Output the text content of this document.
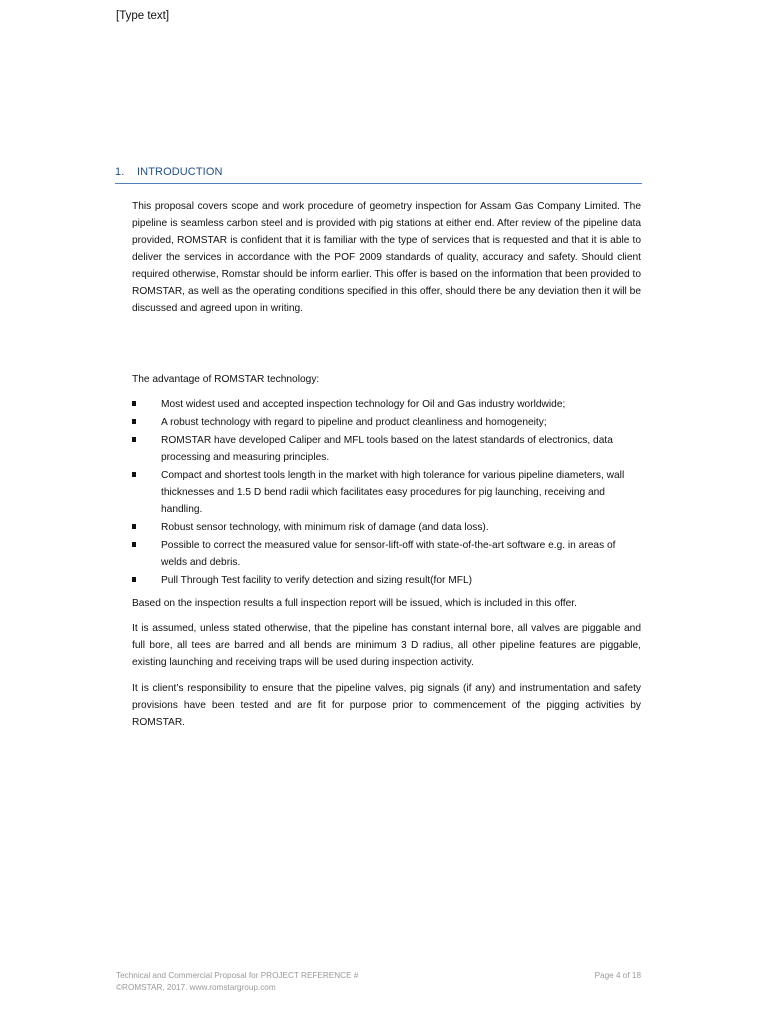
[Type text]
1. INTRODUCTION
This proposal covers scope and work procedure of geometry inspection for Assam Gas Company Limited. The pipeline is seamless carbon steel and is provided with pig stations at either end. After review of the pipeline data provided, ROMSTAR is confident that it is familiar with the type of services that is requested and that it is able to deliver the services in accordance with the POF 2009 standards of quality, accuracy and safety. Should client required otherwise, Romstar should be inform earlier. This offer is based on the information that been provided to ROMSTAR, as well as the operating conditions specified in this offer, should there be any deviation then it will be discussed and agreed upon in writing.
The advantage of ROMSTAR technology:
Most widest used and accepted inspection technology for Oil and Gas industry worldwide;
A robust technology with regard to pipeline and product cleanliness and homogeneity;
ROMSTAR have developed Caliper and MFL tools based on the latest standards of electronics, data processing and measuring principles.
Compact and shortest tools length in the market with high tolerance for various pipeline diameters, wall thicknesses and 1.5 D bend radii which facilitates easy procedures for pig launching, receiving and handling.
Robust sensor technology, with minimum risk of damage (and data loss).
Possible to correct the measured value for sensor-lift-off with state-of-the-art software e.g. in areas of welds and debris.
Pull Through Test facility to verify detection and sizing result(for MFL)
Based on the inspection results a full inspection report will be issued, which is included in this offer.
It is assumed, unless stated otherwise, that the pipeline has constant internal bore, all valves are piggable and full bore, all tees are barred and all bends are minimum 3 D radius, all other pipeline features are piggable, existing launching and receiving traps will be used during inspection activity.
It is client’s responsibility to ensure that the pipeline valves, pig signals (if any) and instrumentation and safety provisions have been tested and are fit for purpose prior to commencement of the pigging activities by ROMSTAR.
Technical and Commercial Proposal for PROJECT REFERENCE #
©ROMSTAR, 2017. www.romstargroup.com
Page 4 of 18
